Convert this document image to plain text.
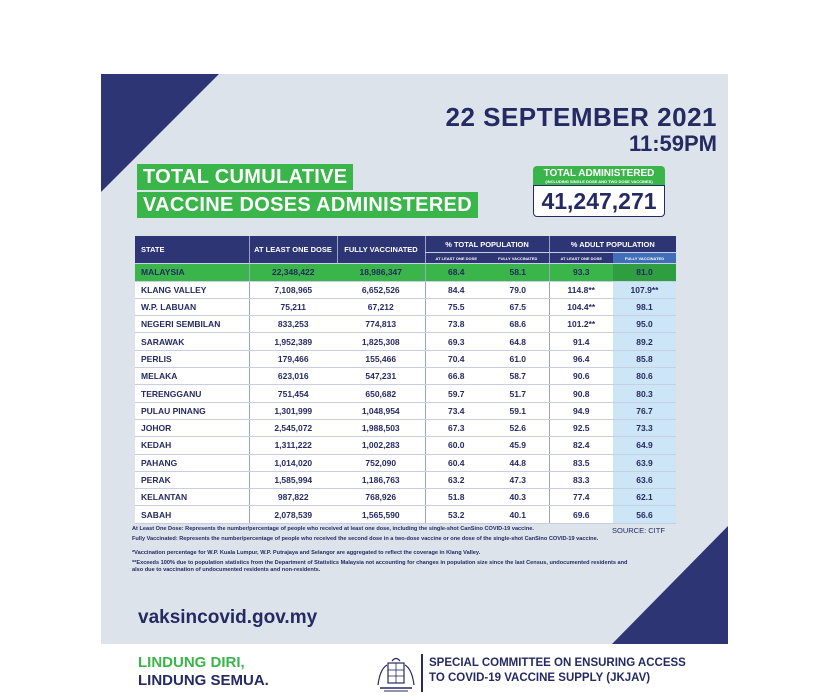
22 SEPTEMBER 2021
11:59PM
TOTAL CUMULATIVE
VACCINE DOSES ADMINISTERED
TOTAL ADMINISTERED
(INCLUDING SINGLE DOSE AND TWO DOSE VACCINES)
41,247,271
STATE	AT LEAST ONE DOSE	FULLY VACCINATED	% TOTAL POPULATION		% ADULT POPULATION	
			AT LEAST ONE DOSE	FULLY VACCINATED	AT LEAST ONE DOSE	FULLY VACCINATED
MALAYSIA	22,348,422	18,986,347	68.4	58.1	93.3	81.0
KLANG VALLEY	7,108,965	6,652,526	84.4	79.0	114.8**	107.9**
W.P. LABUAN	75,211	67,212	75.5	67.5	104.4**	98.1
NEGERI SEMBILAN	833,253	774,813	73.8	68.6	101.2**	95.0
SARAWAK	1,952,389	1,825,308	69.3	64.8	91.4	89.2
PERLIS	179,466	155,466	70.4	61.0	96.4	85.8
MELAKA	623,016	547,231	66.8	58.7	90.6	80.6
TERENGGANU	751,454	650,682	59.7	51.7	90.8	80.3
PULAU PINANG	1,301,999	1,048,954	73.4	59.1	94.9	76.7
JOHOR	2,545,072	1,988,503	67.3	52.6	92.5	73.3
KEDAH	1,311,222	1,002,283	60.0	45.9	82.4	64.9
PAHANG	1,014,020	752,090	60.4	44.8	83.5	63.9
PERAK	1,585,994	1,186,763	63.2	47.3	83.3	63.6
KELANTAN	987,822	768,926	51.8	40.3	77.4	62.1
SABAH	2,078,539	1,565,590	53.2	40.1	69.6	56.6

At Least One Dose: Represents the number/percentage of people who received at least one dose, including the single-shot CanSino COVID-19 vaccine.

Fully Vaccinated: Represents the number/percentage of people who received the second dose in a two-dose vaccine or one dose of the single-shot CanSino COVID-19 vaccine.

*Vaccination percentage for W.P. Kuala Lumpur, W.P. Putrajaya and Selangor are aggregated to reflect the coverage in Klang Valley.

**Exceeds 100% due to population statistics from the Department of Statistics Malaysia not accounting for changes in population size since the last Census, undocumented residents and also due to vaccination of undocumented residents and non-residents.

SOURCE: CITF
vaksincovid.gov.my
LINDUNG DIRI,
LINDUNG SEMUA.
SPECIAL COMMITTEE ON ENSURING ACCESS
TO COVID-19 VACCINE SUPPLY (JKJAV)
